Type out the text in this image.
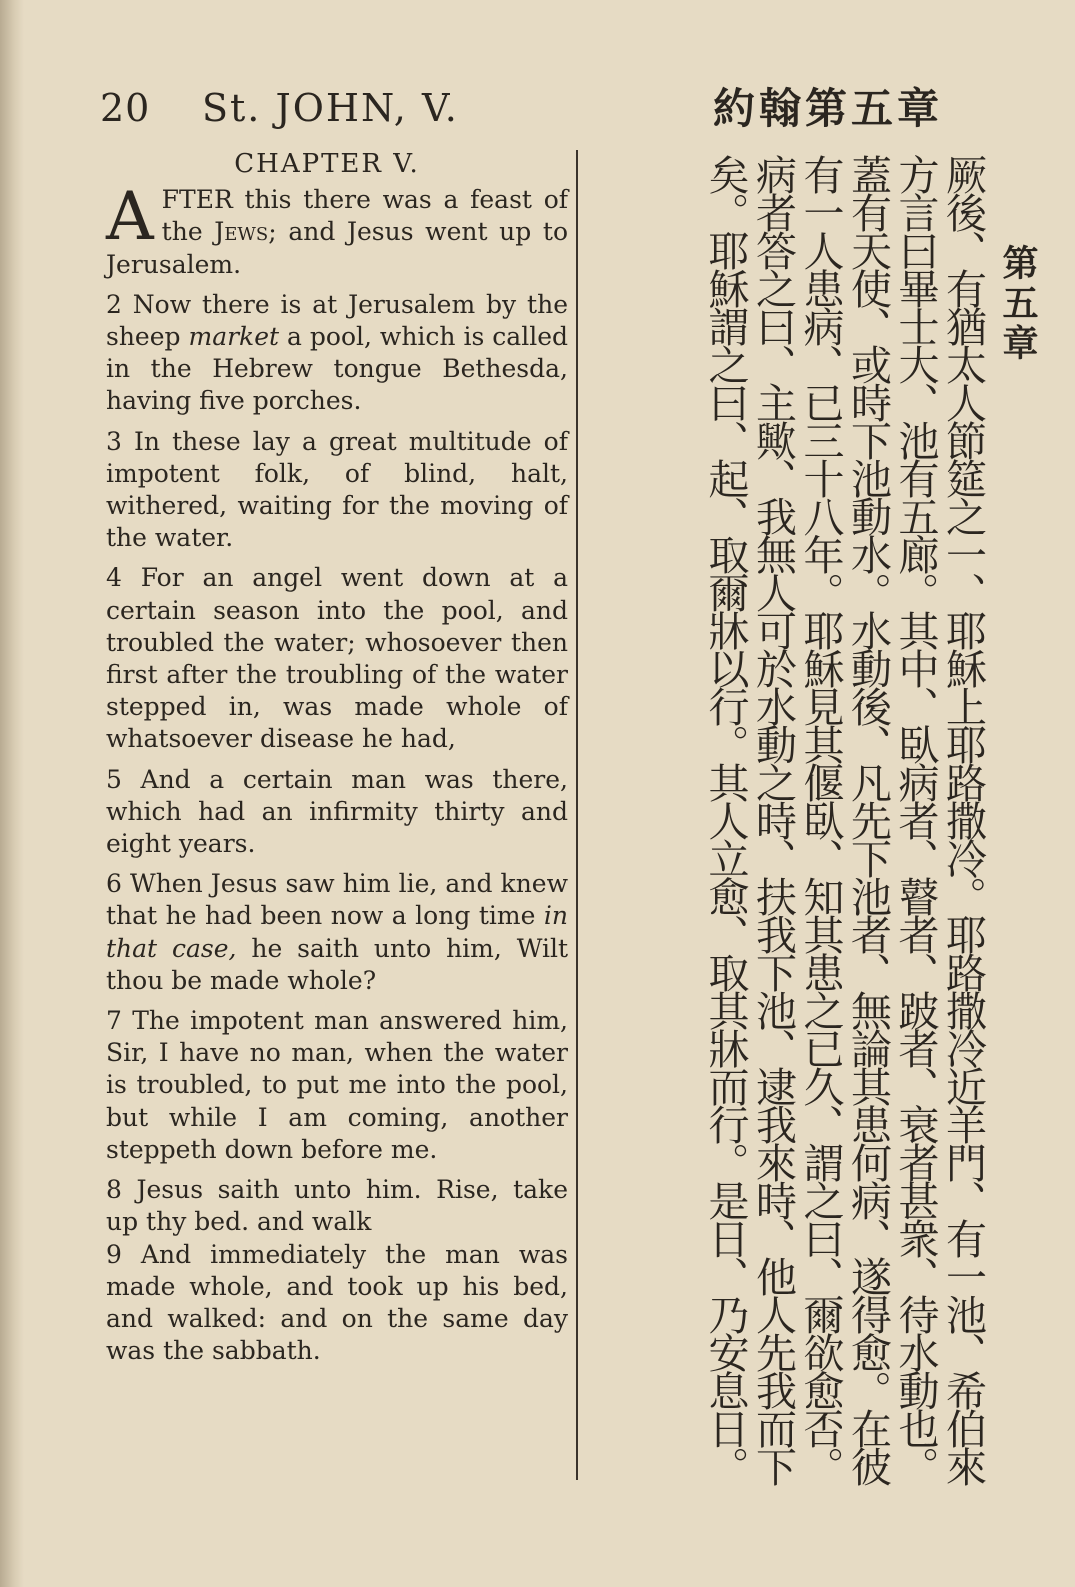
20 St. JOHN, V.	約翰第五章
CHAPTER V.

AFTER this there was a feast of the Jews; and Jesus went up to Jerusalem.

2 Now there is at Jerusalem by the sheep market a pool, which is called in the Hebrew tongue Bethesda, having five porches.

3 In these lay a great multitude of impotent folk, of blind, halt, withered, waiting for the moving of the water.

4 For an angel went down at a certain season into the pool, and troubled the water; whosoever then first after the troubling of the water stepped in, was made whole of whatsoever disease he had,

5 And a certain man was there, which had an infirmity thirty and eight years.

6 When Jesus saw him lie, and knew that he had been now a long time in that case, he saith unto him, Wilt thou be made whole?

7 The impotent man answered him, Sir, I have no man, when the water is troubled, to put me into the pool, but while I am coming, another steppeth down before me.

8 Jesus saith unto him. Rise, take up thy bed. and walk

9 And immediately the man was made whole, and took up his bed, and walked: and on the same day was the sabbath.	厥後、有猶太人節筵之一、耶穌上耶路撒冷。耶路撒冷近羊門、有一池、希伯來方言曰畢士大、池有五廊。其中、臥病者、瞽者、跛者、衰者甚衆、待水動也。蓋有天使、或時下池動水。水動後、凡先下池者、無論其患何病、遂得愈。在彼有一人患病、已三十八年。耶穌見其偃臥、知其患之已久、謂之曰、爾欲愈否。病者答之曰、主歟、我無人可於水動之時、扶我下池、逮我來時、他人先我而下矣。耶穌謂之曰、起、取爾牀以行。其人立愈、取其牀而行。是日、乃安息日。	第五章
